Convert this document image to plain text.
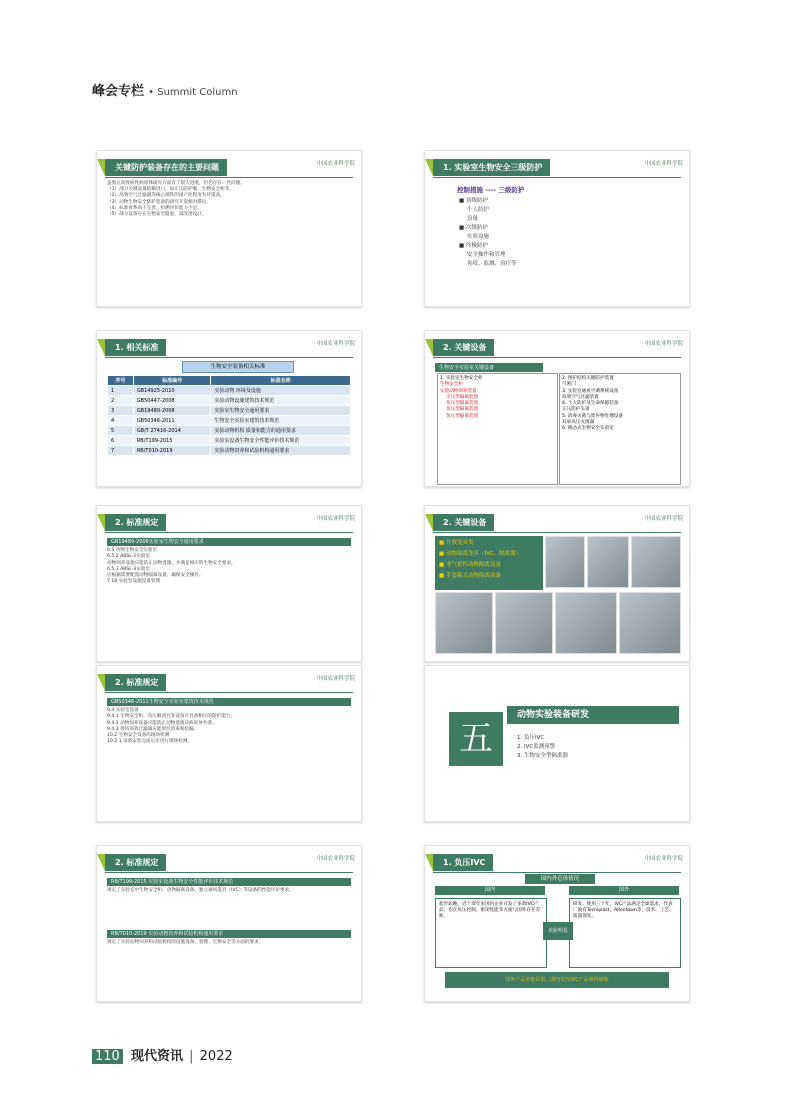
峰会专栏 • Summit Column
关键防护装备存在的主要问题	中国农业科学院
虽然在高致病性病原体研究方面有了很大进展，但仍存在一些问题。
（1）部分关键设备依赖进口，如正压防护服、生物安全柜等。
（2）高效空气过滤器等核心部件的国产化程度有待提高。
（3）动物生物安全防护装备的研究开发相对滞后。
（4）标准体系尚不完善，检测评价能力不足。
（5）部分设备存在生物安全隐患，需改进设计。
1. 实验室生物安全三级防护	中国农业科学院
控制措施 ---- 三级防护
■ 初级防护
个人防护
设备
■ 次级防护
实验设施
■ 终极防护
安全操作和管理
免疫、监测、治疗等
1. 相关标准	中国农业科学院
生物安全装备相关标准
序号	标准编号	标准名称
1	GB14925-2010	实验动物 环境及设施
2	GB50447-2008	实验动物设施建筑技术规范
3	GB19489-2008	实验室生物安全通用要求
4	GB50346-2011	生物安全实验室建筑技术规范
5	GB/T 27416-2014	实验动物机构 质量和能力的通用要求
6	RB/T199-2015	实验室设备生物安全性能评价技术规范
7	RB/T010-2019	实验动物饲养和试验机构通用要求
2. 关键设备	中国农业科学院
生物安全实验室关键设备
1. 实验室生物安全柜
生物安全柜
实验动物饲养装置
正压型隔离装置
负压型隔离装置
负压型隔离装置
负压型隔离装置
2. 围护结构关键防护装置
气密门
3. 实验室通风空调系统设备
高效空气过滤装置
4. 个人防护及生命保障装备
正压防护头罩
5. 消毒灭菌与废弃物处理设备
双扉高压灭菌器
6. 移动式生物安全实验室
2. 标准规定	中国农业科学院
GB19489-2008实验室生物安全通用要求
6.5 动物生物安全实验室
6.5.2 ABSL-2实验室
动物饲养设施应能防止动物逃逸，并满足相应的生物安全要求。
6.5.3 ABSL-3实验室
应根据需要配置动物隔离设备，确保安全操作。
7.18 实验室设施设备管理
2. 关键设备	中国农业科学院
■ 开放笼具类
■ 动物隔离笼具（IVC、隔离器）
■ 非气密性动物隔离设备
■ 手套箱式动物隔离设备
2. 标准规定	中国农业科学院
GB50346-2011生物安全实验室建筑技术规范
9.4 实验室设备
9.4.1 生物安全柜、负压解剖台等设备应具备相应的防护能力。
9.4.2 动物饲养设备应能防止动物逃逸及病原体外泄。
9.4.3 排风高效过滤器应能原位消毒和检漏。
10.2 生物安全设备的现场检测
10.2.1 设备安装完成后应进行现场检测。	五
动物实验装备研发
1. 负压IVC
2. IVC监测预警
3. 生物安全型隔离器
2. 标准规定	中国农业科学院
RB/T199-2015 实验室设备生物安全性能评价技术规范
规定了实验室中生物安全柜、动物隔离设备、独立通风笼具（IVC）等设备的性能评价要求。
RB/T010-2019 实验动物饲养和试验机构通用要求
规定了实验动物饲养和试验机构的设施设备、管理、生物安全等方面的要求。
1. 负压IVC	中国农业科学院
国内外总体情况
国内	国外
起步较晚，近十余年来国内企业开发了多款IVC产品，但在负压控制、密闭性能等方面与国外存在差距。
研发、使用三十年，IVC产品满足全球需求，代表厂商有Tecniplast、Allentown等，技术、工艺、质量领先。
差距明显
国外产品价格昂贵，国内负压IVC产品亟待研发
110 现代资讯 | 2022
